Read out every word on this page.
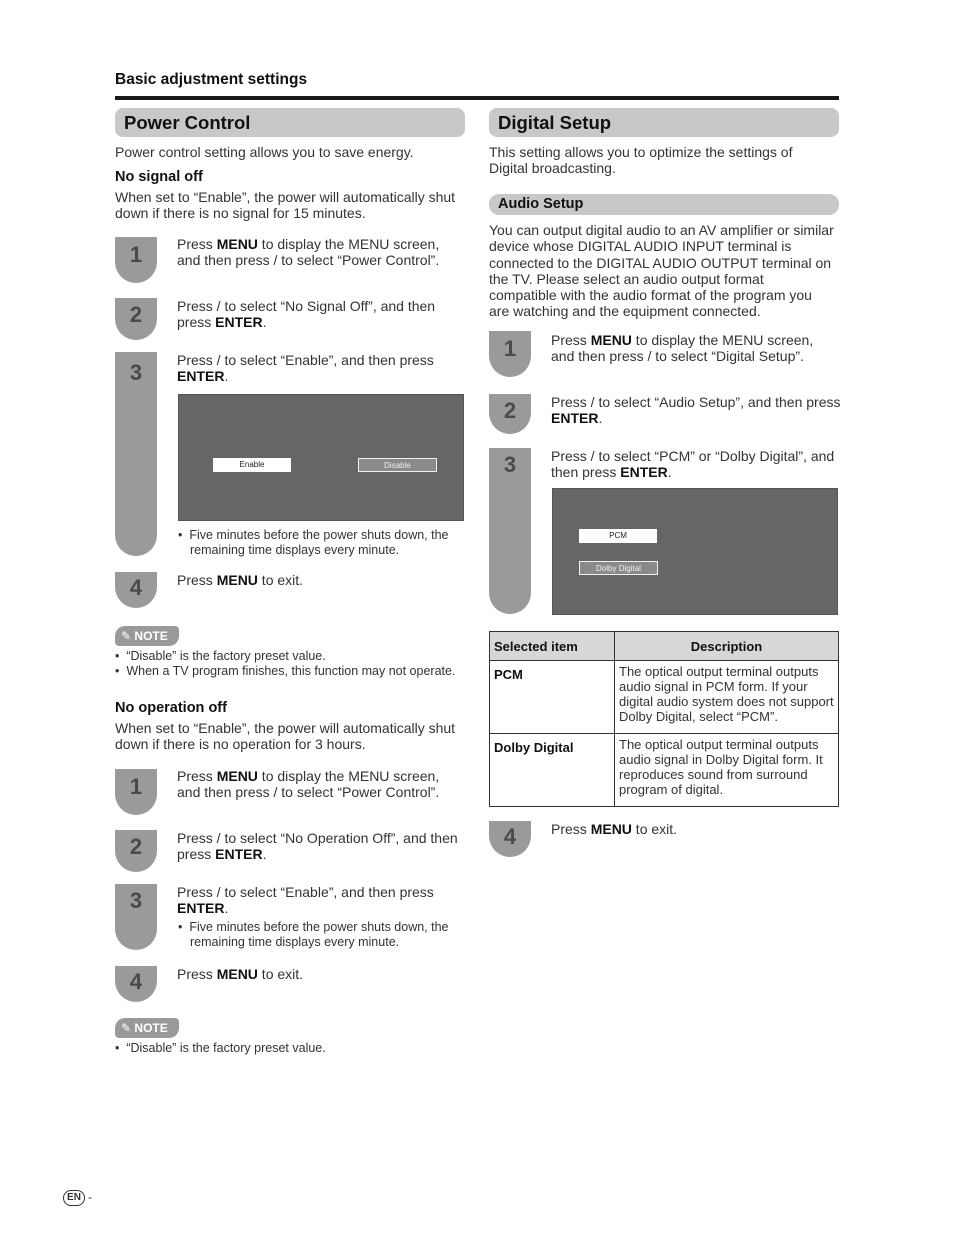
Basic adjustment settings
Power Control
Power control setting allows you to save energy.
No signal off
When set to “Enable”, the power will automatically shut down if there is no signal for 15 minutes.
1	Press MENU to display the MENU screen, and then press / to select “Power Control”.
2	Press / to select “No Signal Off”, and then press ENTER.
3	Press / to select “Enable”, and then press ENTER.
Enable	Disable
•  Five minutes before the power shuts down, the remaining time displays every minute.
4	Press MENU to exit.
✎ NOTE
•  “Disable” is the factory preset value.
•  When a TV program finishes, this function may not operate.
No operation off
When set to “Enable”, the power will automatically shut down if there is no operation for 3 hours.
1	Press MENU to display the MENU screen, and then press / to select “Power Control”.
2	Press / to select “No Operation Off”, and then press ENTER.
3	Press / to select “Enable”, and then press ENTER.
•  Five minutes before the power shuts down, the remaining time displays every minute.
4	Press MENU to exit.
✎ NOTE
•  “Disable” is the factory preset value.
Digital Setup
This setting allows you to optimize the settings of Digital broadcasting.
Audio Setup
You can output digital audio to an AV amplifier or similar device whose DIGITAL AUDIO INPUT terminal is connected to the DIGITAL AUDIO OUTPUT terminal on the TV. Please select an audio output format compatible with the audio format of the program you are watching and the equipment connected.
1	Press MENU to display the MENU screen, and then press / to select “Digital Setup”.
2	Press / to select “Audio Setup”, and then press ENTER.
3	Press / to select “PCM” or “Dolby Digital”, and then press ENTER.
PCM
Dolby Digital
Selected item	Description
PCM	The optical output terminal outputs audio signal in PCM form. If your digital audio system does not support Dolby Digital, select “PCM”.
Dolby Digital	The optical output terminal outputs audio signal in Dolby Digital form. It reproduces sound from surround program of digital.
4	Press MENU to exit.
EN -
